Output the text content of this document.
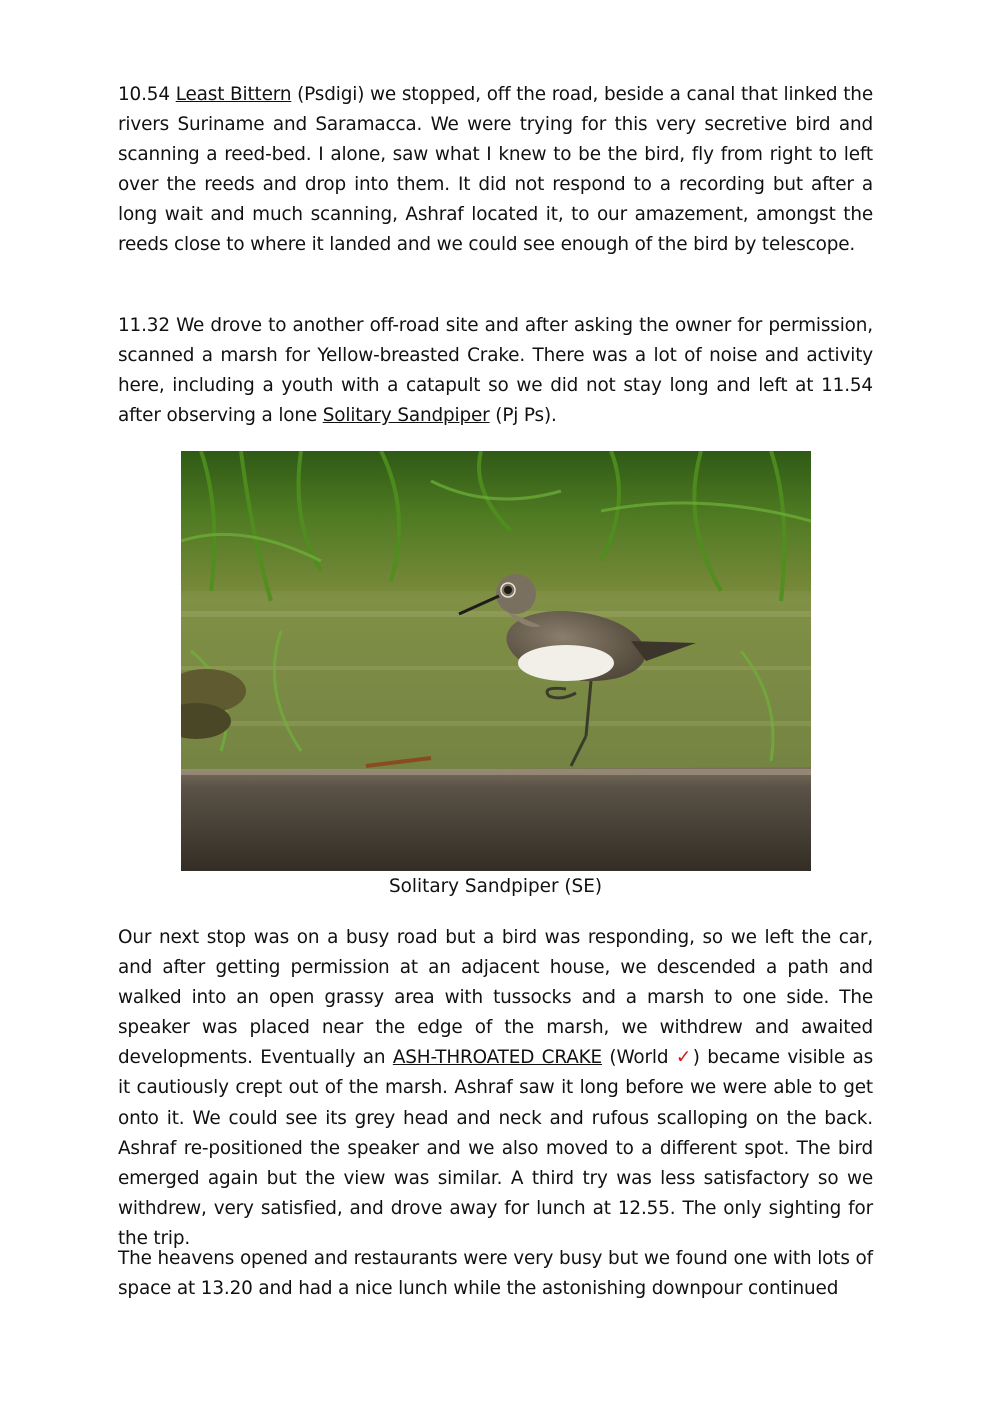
10.54 Least Bittern (Psdigi) we stopped, off the road, beside a canal that linked the rivers Suriname and Saramacca. We were trying for this very secretive bird and scanning a reed-bed. I alone, saw what I knew to be the bird, fly from right to left over the reeds and drop into them. It did not respond to a recording but after a long wait and much scanning, Ashraf located it, to our amazement, amongst the reeds close to where it landed and we could see enough of the bird by telescope.

11.32 We drove to another off-road site and after asking the owner for permission, scanned a marsh for Yellow-breasted Crake. There was a lot of noise and activity here, including a youth with a catapult so we did not stay long and left at 11.54 after observing a lone Solitary Sandpiper (Pj Ps).

Solitary Sandpiper (SE)

Our next stop was on a busy road but a bird was responding, so we left the car, and after getting permission at an adjacent house, we descended a path and walked into an open grassy area with tussocks and a marsh to one side. The speaker was placed near the edge of the marsh, we withdrew and awaited developments. Eventually an ASH-THROATED CRAKE (World ✓) became visible as it cautiously crept out of the marsh. Ashraf saw it long before we were able to get onto it. We could see its grey head and neck and rufous scalloping on the back. Ashraf re-positioned the speaker and we also moved to a different spot. The bird emerged again but the view was similar. A third try was less satisfactory so we withdrew, very satisfied, and drove away for lunch at 12.55. The only sighting for the trip.

The heavens opened and restaurants were very busy but we found one with lots of space at 13.20 and had a nice lunch while the astonishing downpour continued
